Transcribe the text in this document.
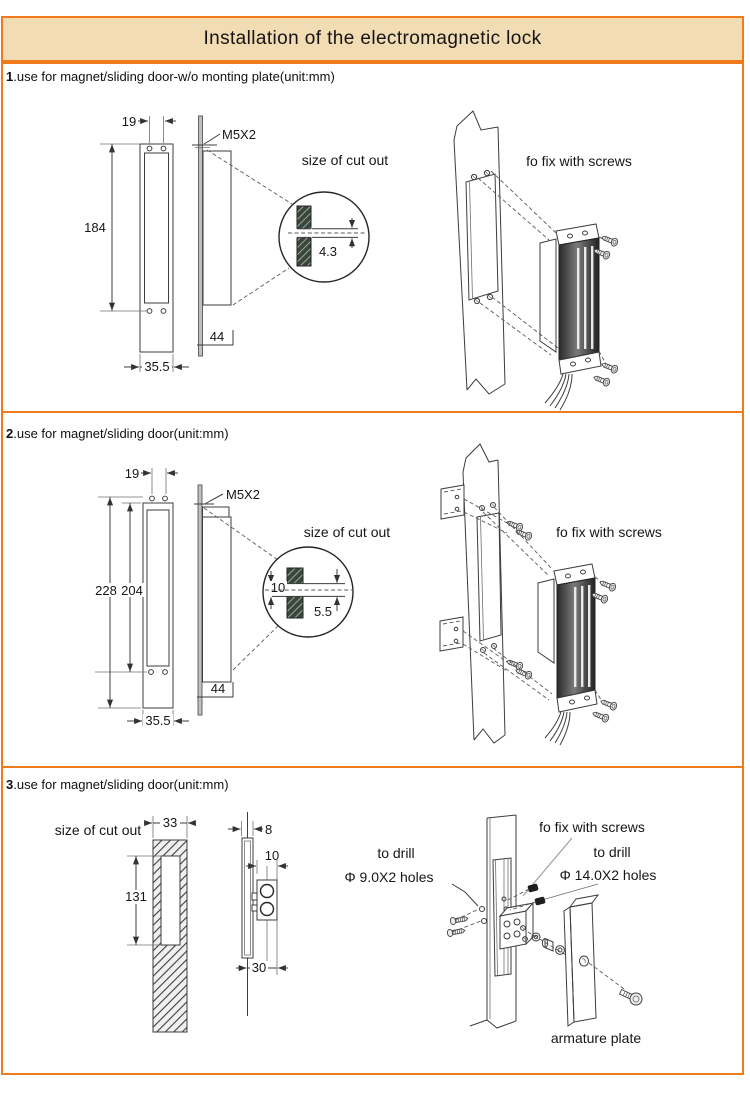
Installation of the electromagnetic lock
1.use for magnet/sliding door-w/o monting plate(unit:mm)
2.use for magnet/sliding door(unit:mm)
3.use for magnet/sliding door(unit:mm)
19
184
35.5
M5X2
44
size of cut out
4.3
fo fix with screws
19
228 204
35.5
M5X2
44
size of cut out
10
5.5
fo fix with screws
size of cut out 33
131
8
10
30
fo fix with screws
to drill
Φ 9.0X2 holes
to drill
Φ 14.0X2 holes
armature plate
